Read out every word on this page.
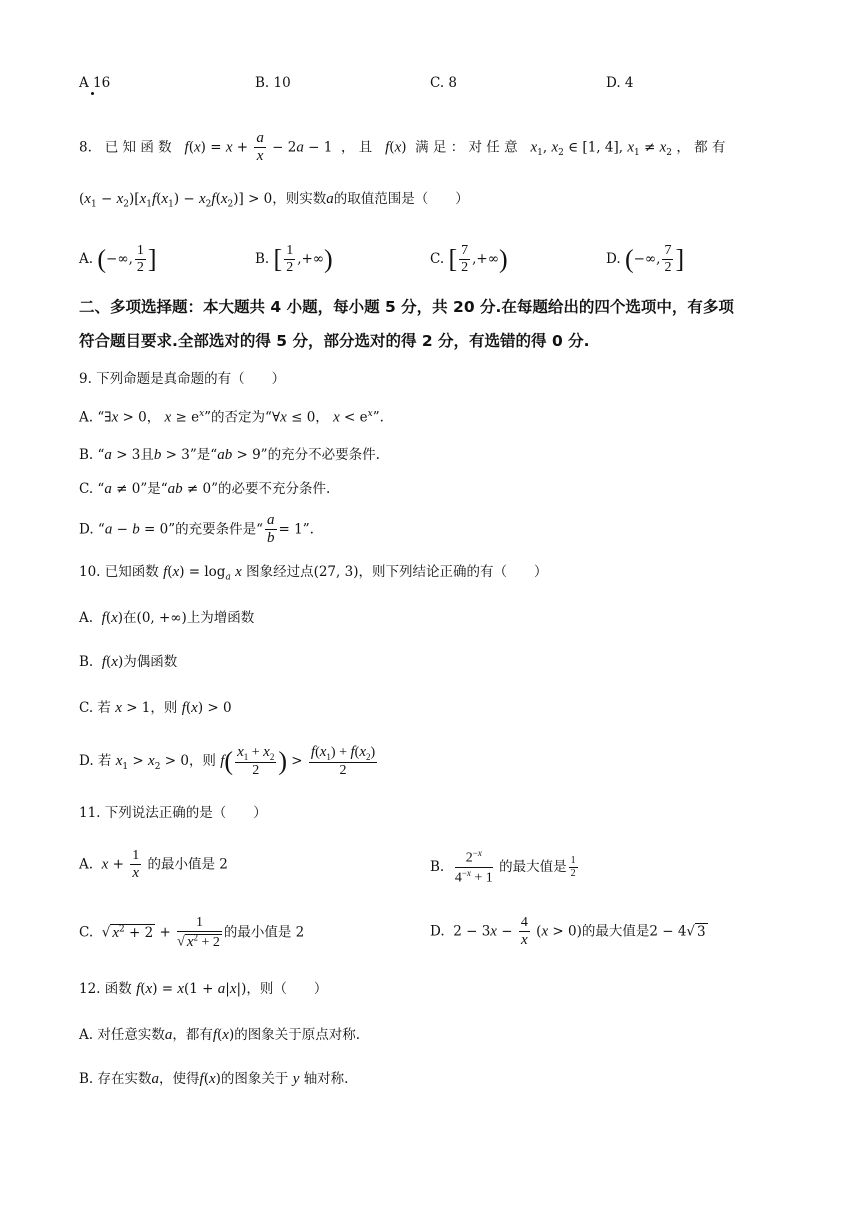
A 16	B. 10	C. 8	D. 4
8. 已 知 函 数 $f(x) = x + \frac{a}{x} - 2a - 1$  ， 且 f(x)  满 足 ： 对 任 意 $x_1$, $x_2$ ∈ [1, 4], $x_1 \ne x_2$ ， 都 有
$(x_1 - x_2)[x_1f(x_1) - x_2f(x_2)] > 0$，则实数a的取值范围是（　　）
A. (−∞, $\frac{1}{2}$ ]	B. [ $\frac{1}{2}$ ,+∞)	C. [ $\frac{7}{2}$ ,+∞)	D. (−∞, $\frac{7}{2}$ ]
二、多项选择题：本大题共 4 小题，每小题 5 分，共 20 分.在每题给出的四个选项中，有多项
符合题目要求.全部选对的得 5 分，部分选对的得 2 分，有选错的得 0 分.
9. 下列命题是真命题的有（　　）
A. “∃x > 0， $x \ge e^x$”的否定为“∀x ≤ 0， $x < e^x$”.
B. “a > 3且b > 3”是“ab > 9”的充分不必要条件.
C. “a ≠ 0”是“ab ≠ 0”的必要不充分条件.
D. “a − b = 0”的充要条件是“ $\frac{a}{b} = 1$”.
10. 已知函数 $f(x) = \log_a x$ 图象经过点(27, 3)，则下列结论正确的有（　　）
A. f(x)在(0, +∞)上为增函数
B. f(x)为偶函数
C. 若 x > 1，则 f(x) > 0
D. 若 $x_1 > x_2 > 0$，则 $f( \frac{x_1 + x_2}{2}$ ) > $\frac{f(x_1) + f(x_2)}{2}$
11. 下列说法正确的是（　　）
A. $x + \frac{1}{x}$ 的最小值是 2	B. $\frac{2^{-x}}{4^{-x} + 1}$ 的最大值是 $\frac{1}{2}$
C.  √ $x^2 + 2 + \frac{1}{√ x^2 + 2}$ 的最小值是 2	D.  $2 - 3x - \frac{4}{x} (x > 0)$的最大值是2 − 4√ 3
12. 函数 f(x) = x(1 + a|x|)，则（　　）
A. 对任意实数a，都有f(x)的图象关于原点对称.
B. 存在实数a，使得f(x)的图象关于 y 轴对称.
